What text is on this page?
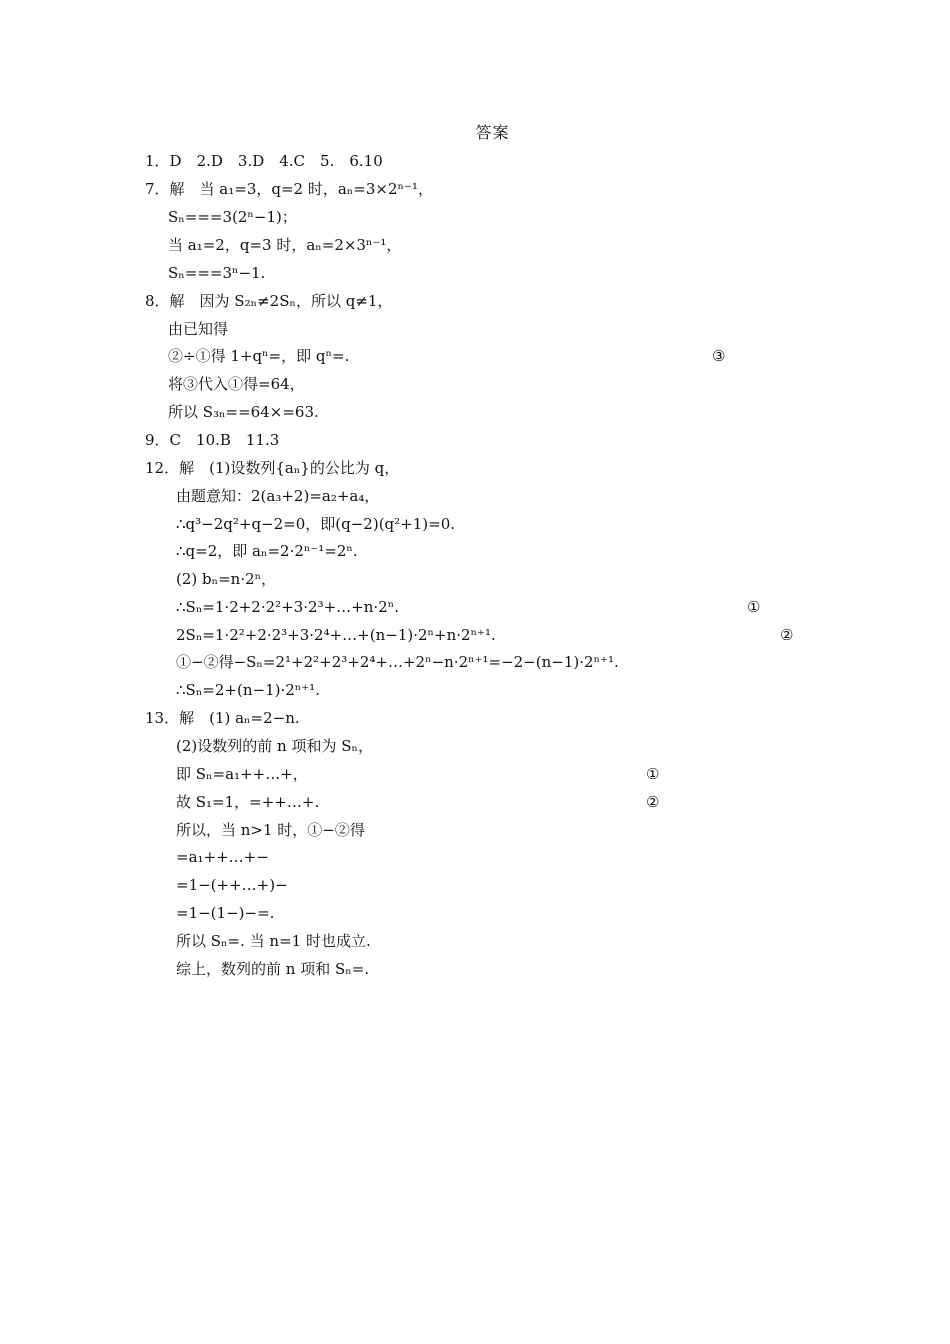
答案
1．D　2.D　3.D　4.C　5.　6.10
7．解　当 a₁=3，q=2 时，aₙ=3×2ⁿ⁻¹，
Sₙ===3(2ⁿ−1)；
当 a₁=2，q=3 时，aₙ=2×3ⁿ⁻¹，
Sₙ===3ⁿ−1.
8．解　因为 S₂ₙ≠2Sₙ，所以 q≠1，
由已知得
②÷①得 1+qⁿ=，即 qⁿ=.	③
将③代入①得=64，
所以 S₃ₙ==64×=63.
9．C　10.B　11.3
12．解　(1)设数列{aₙ}的公比为 q，
由题意知：2(a₃+2)=a₂+a₄，
∴q³−2q²+q−2=0，即(q−2)(q²+1)=0.
∴q=2，即 aₙ=2·2ⁿ⁻¹=2ⁿ.
(2) bₙ=n·2ⁿ，
∴Sₙ=1·2+2·2²+3·2³+…+n·2ⁿ.	①
2Sₙ=1·2²+2·2³+3·2⁴+…+(n−1)·2ⁿ+n·2ⁿ⁺¹.	②
①−②得−Sₙ=2¹+2²+2³+2⁴+…+2ⁿ−n·2ⁿ⁺¹=−2−(n−1)·2ⁿ⁺¹.
∴Sₙ=2+(n−1)·2ⁿ⁺¹.
13．解　(1) aₙ=2−n.
(2)设数列的前 n 项和为 Sₙ，
即 Sₙ=a₁++…+，	①
故 S₁=1，=++…+.	②
所以，当 n>1 时，①−②得
=a₁++…+−
=1−(++…+)−
=1−(1−)−=.
所以 Sₙ=. 当 n=1 时也成立.
综上，数列的前 n 项和 Sₙ=.
